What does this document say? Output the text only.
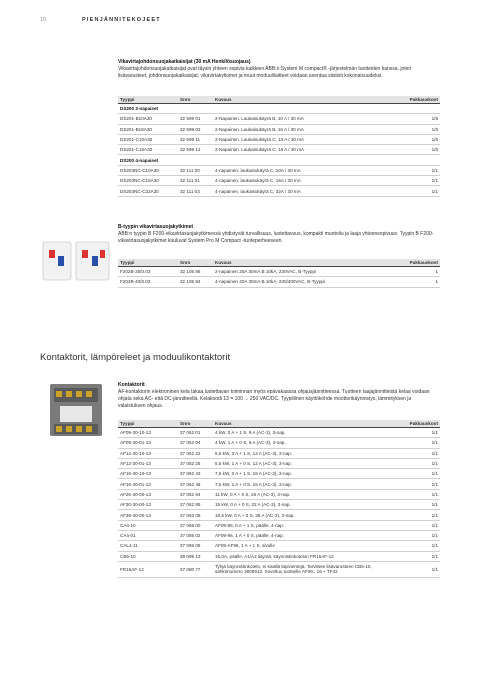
10	PIENJÄNNITEKOJEET
Vikavirtajohdonsuojakatkaisijat (30 mA Henkilösuojaus)
Vikavirtajohdonsuojakatkaisijat ovat täysin yhteen sopivia kaikkien ABB:n System M compact® -järjestelmän tuotteiden kanssa, joten lisävarusteet, johdonsuojakatkaisijat, vikavirtakytkimet ja muut moduulilaitteet voidaan asentaa siististi kokonaisuudeksi.
Tyyppi	Snro	Kuvaus	Pakkauskoot
DS200 2-napaiset			
DS201-B10A30	32 599 01	2-Napainen. Laukaisukäyrä B, 10 A / 30 mA	1/5
DS201-B16A30	32 599 02	2-Napainen. Laukaisukäyrä B, 16 A / 30 mA	1/5
DS201-C10A30	32 599 11	2-Napainen. Laukaisukäyrä C, 10 A / 30 mA	1/5
DS201-C16A30	32 599 12	2-Napainen. Laukaisukäyrä C, 16 A / 30 mA	1/5
DS200 4-napaiset			
DS203NC-C10A30	32 111 00	4-napainen, laukaisukäyrä C, 10A / 30 mA	1/1
DS203NC-C16A30	32 111 01	4-napainen, laukaisukäyrä C, 16A / 30 mA	1/1
DS203NC-C32A30	32 111 03	4-napainen, laukaisukäyrä C, 32A / 30 mA	1/1
B-tyypin vikavirtasuojakytkimet
ABB:n tyypin B F200-vikavirtasuojakytkimessä yhdistyvät turvallisuus, luotettavuus, kompakti muotoilu ja laaja yhteensopivuus. Tyypin B F200-vikavirtasuojakytkimet kuuluvat System Pro M Compact -tuoteperheeseen.
Tyyppi	Snro	Kuvaus	Pakkauskoot
F202B-25/0.03	32 105 86	2-napainen 25A 30mA B 10kA, 230VAC, B-Tyyppi	1
F204B-40/0.03	32 105 94	4-napainen 40A 30mA B 10kA, 230/400VAC, B-Tyyppi	1
Kontaktorit, lämpöreleet ja moduulikontaktorit
Kontaktorit
AF-kontaktorin elektroninen kela takaa luotettavan toiminnan myös epävakaassa ohjausjännitteessä. Tuotteen laajajännitteistä kelaa voidaan ohjata sekä AC- että DC-jännitteellä. Kelakoodi 13 = 100 ... 250 VAC/DC. Tyypillinen käyttökohde moottorikäynnistys, lämmityksen ja valaistuksen ohjaus.
Tyyppi	Snro	Kuvaus	Pakkauskoot
AF09-30-10-13	37 062 01	4 kW, 0 A + 1 S, 9 A (AC-3), 3-nap.	1/1
AF09-30-01-13	37 062 04	4 kW, 1 A + 0 S, 9 A (AC-3), 3-nap.	1/1
AF12-30-10-13	37 062 22	5,5 kW, 0 A + 1 S, 12 A (AC-3), 3-nap.	1/1
AF12-30-01-13	37 062 25	5,5 kW, 1 A + 0 S, 12 A (AC-3), 3-nap.	1/1
AF16-30-10-13	37 062 43	7,5 kW, 0 A + 1 S, 18 A (AC-3), 3-nap.	1/1
AF16-30-01-13	37 062 46	7,5 kW, 1 A + 0 S, 18 A (AC-3), 3-nap.	1/1
AF26-30-00-13	37 062 64	11 kW, 0 A + 0 S, 26 A (AC-3), 3-nap.	1/1
AF30-30-00-13	37 062 85	15 kW, 0 A + 0 S, 32 A (AC-3), 3-nap.	1/1
AF38-30-00-13	37 063 09	18,5 kW, 0 A + 0 S, 38 A (AC-3), 3-nap.	1/1
CA4-10	37 065 00	AF09-96, 0 A + 1 S, päälle, 4-nap.	1/1
CA4-01	37 065 02	AF09-96, 1 A + 0 S, päälle, 4-nap.	1/1
CAL4-11	37 065 06	AF09-AF96, 1 A + 1 S, sivulle	1/1
CB5-10	38 099 13	15,0A, päälle, A1/A2 liityntä, käynnistinkotelon FR16AF-12	1/1
FR16AF-12	37 080 77	Tyhjä käynnistinkotelo, ei sisällä läpivientejä. Tarvitsee lisävarusteen CB5-10, sähkönumero 3809913. Soveltuu tuotteille AF09...16 + TF42	1/1
